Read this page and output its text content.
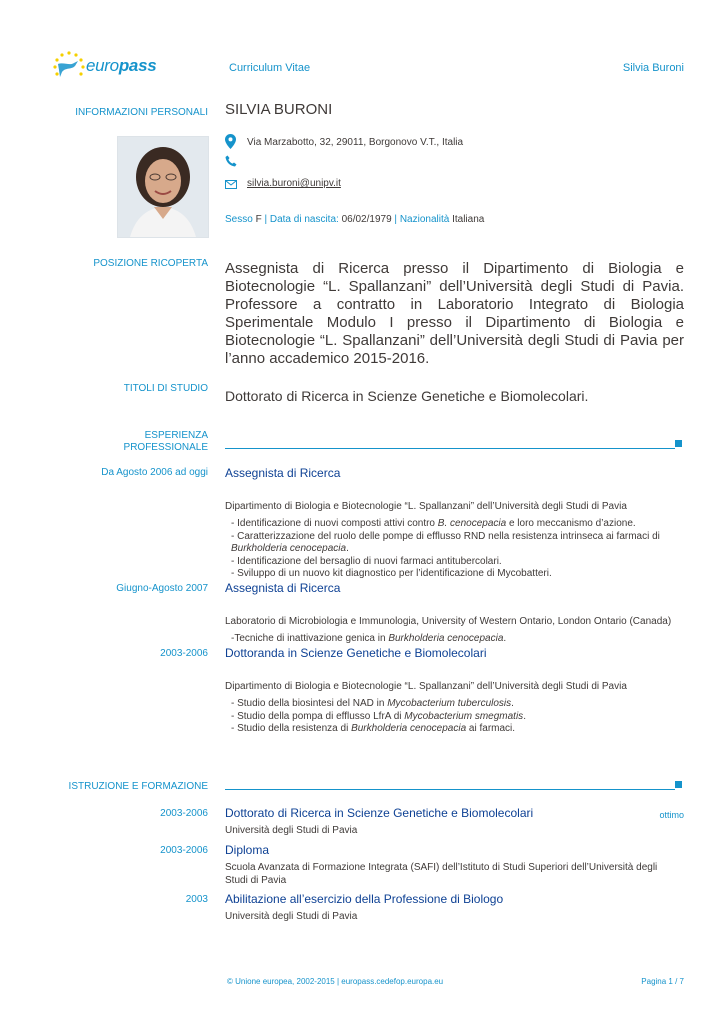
europass	Curriculum Vitae	Silvia Buroni
INFORMAZIONI PERSONALI SILVIA BURONI
Via Marzabotto, 32, 29011, Borgonovo V.T., Italia
silvia.buroni@unipv.it
Sesso F | Data di nascita: 06/02/1979 | Nazionalità Italiana
POSIZIONE RICOPERTA Assegnista di Ricerca presso il Dipartimento di Biologia e Biotecnologie “L. Spallanzani” dell’Università degli Studi di Pavia. Professore a contratto in Laboratorio Integrato di Biologia Sperimentale Modulo I presso il Dipartimento di Biologia e Biotecnologie “L. Spallanzani” dell’Università degli Studi di Pavia per l’anno accademico 2015-2016.
TITOLI DI STUDIO Dottorato di Ricerca in Scienze Genetiche e Biomolecolari.
ESPERIENZA
PROFESSIONALE
Da Agosto 2006 ad oggi Assegnista di Ricerca
Dipartimento di Biologia e Biotecnologie “L. Spallanzani” dell’Università degli Studi di Pavia
- Identificazione di nuovi composti attivi contro B. cenocepacia e loro meccanismo d’azione.
- Caratterizzazione del ruolo delle pompe di efflusso RND nella resistenza intrinseca ai farmaci di
Burkholderia cenocepacia.
- Identificazione del bersaglio di nuovi farmaci antitubercolari.
- Sviluppo di un nuovo kit diagnostico per l’identificazione di Mycobatteri.
Giugno-Agosto 2007 Assegnista di Ricerca
Laboratorio di Microbiologia e Immunologia, University of Western Ontario, London Ontario (Canada)
-Tecniche di inattivazione genica in Burkholderia cenocepacia.
2003-2006 Dottoranda in Scienze Genetiche e Biomolecolari
Dipartimento di Biologia e Biotecnologie “L. Spallanzani” dell’Università degli Studi di Pavia
- Studio della biosintesi del NAD in Mycobacterium tuberculosis.
- Studio della pompa di efflusso LfrA di Mycobacterium smegmatis.
- Studio della resistenza di Burkholderia cenocepacia ai farmaci.
ISTRUZIONE E FORMAZIONE
2003-2006 Dottorato di Ricerca in Scienze Genetiche e Biomolecolari	ottimo
Università degli Studi di Pavia
2003-2006 Diploma
Scuola Avanzata di Formazione Integrata (SAFI) dell’Istituto di Studi Superiori dell’Università degli Studi di Pavia
2003 Abilitazione all’esercizio della Professione di Biologo
Università degli Studi di Pavia
© Unione europea, 2002-2015 | europass.cedefop.europa.eu	Pagina 1 / 7
